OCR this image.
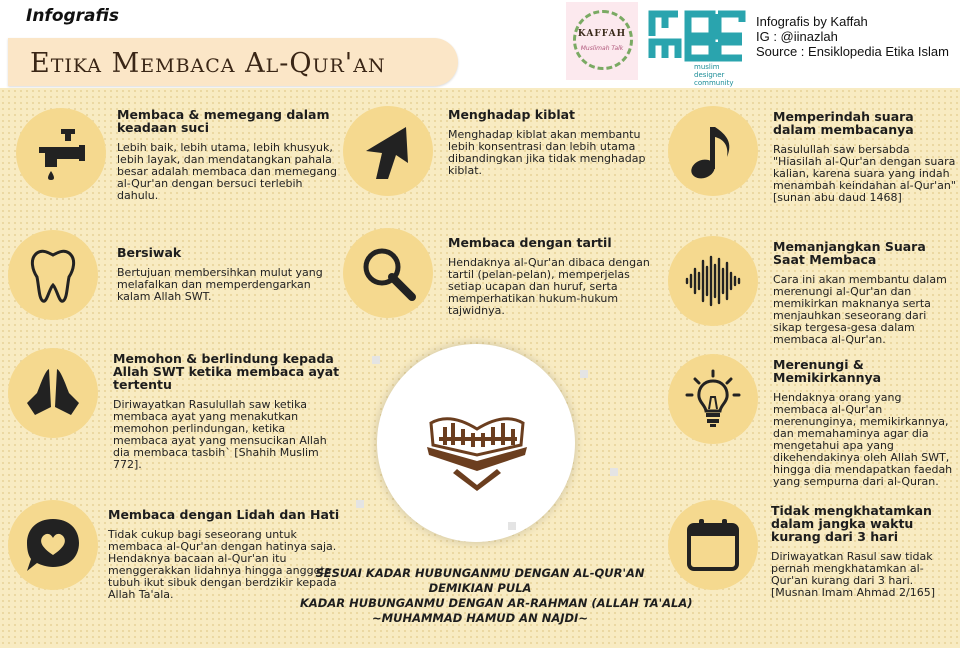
Infografis
Etika Membaca Al-Qur'an
KAFFAH
Muslimah Talk
muslim designer community
Infografis by Kaffah
IG : @iinazlah
Source : Ensiklopedia Etika Islam
Membaca & memegang dalam keadaan suci

Lebih baik, lebih utama, lebih khusyuk, lebih layak, dan mendatangkan pahala besar adalah membaca dan memegang al-Qur'an dengan bersuci terlebih dahulu.

Menghadap kiblat

Menghadap kiblat akan membantu lebih konsentrasi dan lebih utama dibandingkan jika tidak menghadap kiblat.

Memperindah suara dalam membacanya

Rasulullah saw bersabda "Hiasilah al-Qur'an dengan suara kalian, karena suara yang indah menambah keindahan al-Qur'an" [sunan abu daud 1468]

Bersiwak

Bertujuan membersihkan mulut yang melafalkan dan memperdengarkan kalam Allah SWT.

Membaca dengan tartil

Hendaknya al-Qur'an dibaca dengan tartil (pelan-pelan), memperjelas setiap ucapan dan huruf, serta memperhatikan hukum-hukum tajwidnya.

Memanjangkan Suara Saat Membaca

Cara ini akan membantu dalam merenungi al-Qur'an dan memikirkan maknanya serta menjauhkan seseorang dari sikap tergesa-gesa dalam membaca al-Qur'an.

Memohon & berlindung kepada Allah SWT ketika membaca ayat tertentu

Diriwayatkan Rasulullah saw ketika membaca ayat yang menakutkan memohon perlindungan, ketika membaca ayat yang mensucikan Allah dia membaca tasbih` [Shahih Muslim 772].

Merenungi & Memikirkannya

Hendaknya orang yang membaca al-Qur'an merenunginya, memikirkannya, dan memahaminya agar dia mengetahui apa yang dikehendakinya oleh Allah SWT, hingga dia mendapatkan faedah yang sempurna dari al-Quran.

Membaca dengan Lidah dan Hati

Tidak cukup bagi seseorang untuk membaca al-Qur'an dengan hatinya saja. Hendaknya bacaan al-Qur'an itu menggerakkan lidahnya hingga anggota tubuh ikut sibuk dengan berdzikir kepada Allah Ta'ala.

Tidak mengkhatamkan dalam jangka waktu kurang dari 3 hari

Diriwayatkan Rasul saw tidak pernah mengkhatamkan al-Qur'an kurang dari 3 hari. [Musnan Imam Ahmad 2/165]

SESUAI KADAR HUBUNGANMU DENGAN AL-QUR'AN
DEMIKIAN PULA
KADAR HUBUNGANMU DENGAN AR-RAHMAN (ALLAH TA'ALA)
~MUHAMMAD HAMUD AN NAJDI~
